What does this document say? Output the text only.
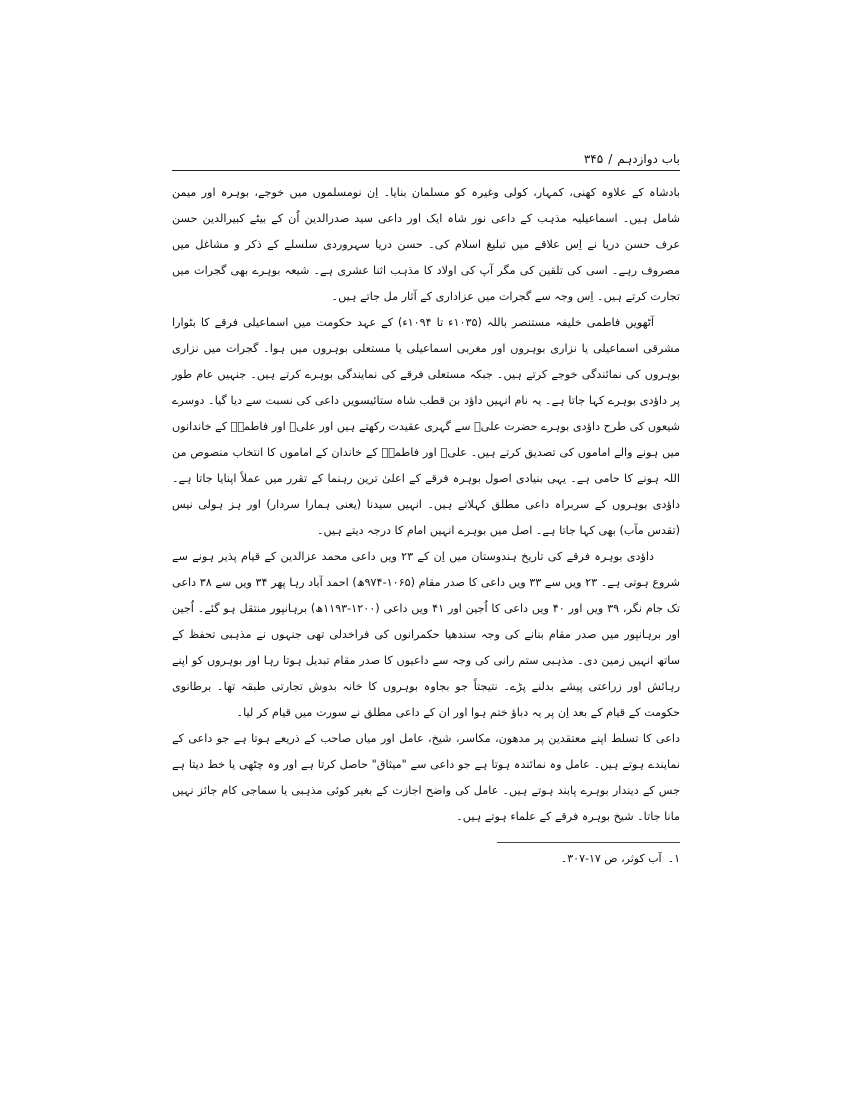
باب دوازدہم/۳۴۵

بادشاہ کے علاوہ کھنی، کمہار، کولی وغیرہ کو مسلمان بنایا۔ اِن نومسلموں میں خوجے، بوہرہ اور میمن شامل ہیں۔ اسماعیلیہ مذہب کے داعی نور شاہ ایک اور داعی سید صدرالدین اُن کے بیٹے کبیرالدین حسن عرف حسن دریا نے اِس علاقے میں تبلیغ اسلام کی۔ حسن دریا سہروردی سلسلے کے ذکر و مشاغل میں مصروف رہے۔ اسی کی تلقین کی مگر آپ کی اولاد کا مذہب اثنا عشری ہے۔ شیعہ بوہرے بھی گجرات میں تجارت کرتے ہیں۔ اِس وجہ سے گجرات میں عزاداری کے آثار مل جاتے ہیں۔

آٹھویں فاطمی خلیفہ مستنصر باللہ (۱۰۳۵ء تا ۱۰۹۴ء) کے عہد حکومت میں اسماعیلی فرقے کا بٹوارا مشرقی اسماعیلی یا نزاری بوہروں اور مغربی اسماعیلی یا مستعلی بوہروں میں ہوا۔ گجرات میں نزاری بوہروں کی نمائندگی خوجے کرتے ہیں۔ جبکہ مستعلی فرقے کی نمایندگی بوہرے کرتے ہیں۔ جنہیں عام طور پر داؤدی بوہرے کہا جاتا ہے۔ یہ نام انہیں داؤد بن قطب شاہ ستائیسویں داعی کی نسبت سے دیا گیا۔ دوسرے شیعوں کی طرح داؤدی بوہرے حضرت علیؑ سے گہری عقیدت رکھتے ہیں اور علیؑ اور فاطمہؑ کے خاندانوں میں ہونے والے اماموں کی تصدیق کرتے ہیں۔ علیؑ اور فاطمہؑ کے خاندان کے اماموں کا انتخاب منصوص من اللہ ہونے کا حامی ہے۔ یہی بنیادی اصول بوہرہ فرقے کے اعلیٰ ترین رہنما کے تقرر میں عملاً اپنایا جاتا ہے۔ داؤدی بوہروں کے سربراہ داعی مطلق کہلاتے ہیں۔ انہیں سیدنا (یعنی ہمارا سردار) اور ہز ہولی نیس (تقدس مآب) بھی کہا جاتا ہے۔ اصل میں بوہرے انہیں امام کا درجہ دیتے ہیں۔

داؤدی بوہرہ فرقے کی تاریخ ہندوستان میں اِن کے ۲۳ ویں داعی محمد عزالدین کے قیام پذیر ہونے سے شروع ہوتی ہے۔ ۲۳ ویں سے ۳۳ ویں داعی کا صدر مقام (۱۰۶۵-۹۷۴ھ) احمد آباد رہا پھر ۳۴ ویں سے ۳۸ داعی تک جام نگر، ۳۹ ویں اور ۴۰ ویں داعی کا اُجین اور ۴۱ ویں داعی (۱۲۰۰-۱۱۹۳ھ) برہانپور منتقل ہو گئے۔ اُجین اور برہانپور میں صدر مقام بنانے کی وجہ سندھیا حکمرانوں کی فراخدلی تھی جنہوں نے مذہبی تحفظ کے ساتھ انہیں زمین دی۔ مذہبی ستم رانی کی وجہ سے داعیوں کا صدر مقام تبدیل ہوتا رہا اور بوہروں کو اپنے رہائش اور زراعتی پیشے بدلنے پڑے۔ نتیجتاً جو بجاوہ بوہروں کا خانہ بدوش تجارتی طبقہ تھا۔ برطانوی حکومت کے قیام کے بعد اِن پر یہ دباؤ ختم ہوا اور ان کے داعی مطلق نے سورت میں قیام کر لیا۔

داعی کا تسلط اپنے معتقدین پر مدھون، مکاسر، شیخ، عامل اور میاں صاحب کے ذریعے ہوتا ہے جو داعی کے نمایندے ہوتے ہیں۔ عامل وہ نمائندہ ہوتا ہے جو داعی سے "میثاق" حاصل کرتا ہے اور وہ چٹھی یا خط دیتا ہے جس کے دیندار بوہرے پابند ہوتے ہیں۔ عامل کی واضح اجازت کے بغیر کوئی مذہبی یا سماجی کام جائز نہیں مانا جاتا۔ شیخ بوہرہ فرقے کے علماء ہوتے ہیں۔

۱۔آب کوثر، ص ۱۷-۳۰۷۔
